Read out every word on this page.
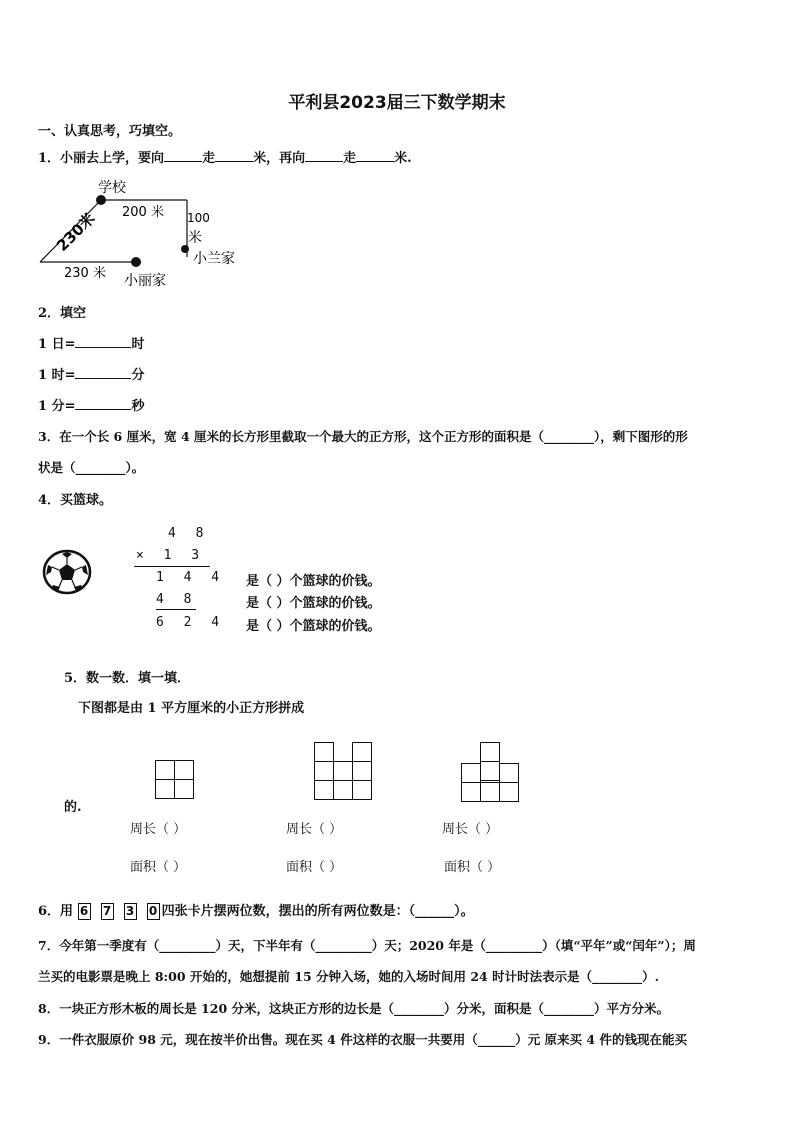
平利县2023届三下数学期末
一、认真思考，巧填空。
1．小丽去上学，要向	走	米，再向	走	米.
学校
200 米 100
米
小兰家
小丽家
230 米
230米
2．填空
1 日=	时
1 时=	分
1 分=	秒
3．在一个长 6 厘米，宽 4 厘米的长方形里截取一个最大的正方形，这个正方形的面积是（________），剩下图形的形
状是（________）。
4．买篮球。
4 8
× 1 3
1 4 4
4 8
6 2 4
是（ ）个篮球的价钱。
是（ ）个篮球的价钱。
是（ ）个篮球的价钱。
5．数一数．填一填．
下图都是由 1 平方厘米的小正方形拼成
的.
周长（ ）	周长（ ）	周长（ ）
面积（ ）	面积（ ）	面积（ ）
6．用 6 7 3 0 四张卡片摆两位数，摆出的所有两位数是：（______）。
7．今年第一季度有（_________）天，下半年有（_________）天；2020 年是（_________）（填“平年”或“闰年”）；周
兰买的电影票是晚上 8:00 开始的，她想提前 15 分钟入场，她的入场时间用 24 时计时法表示是（________）.
8．一块正方形木板的周长是 120 分米，这块正方形的边长是（________）分米，面积是（________）平方分米。
9．一件衣服原价 98 元，现在按半价出售。现在买 4 件这样的衣服一共要用（______）元 原来买 4 件的钱现在能买
